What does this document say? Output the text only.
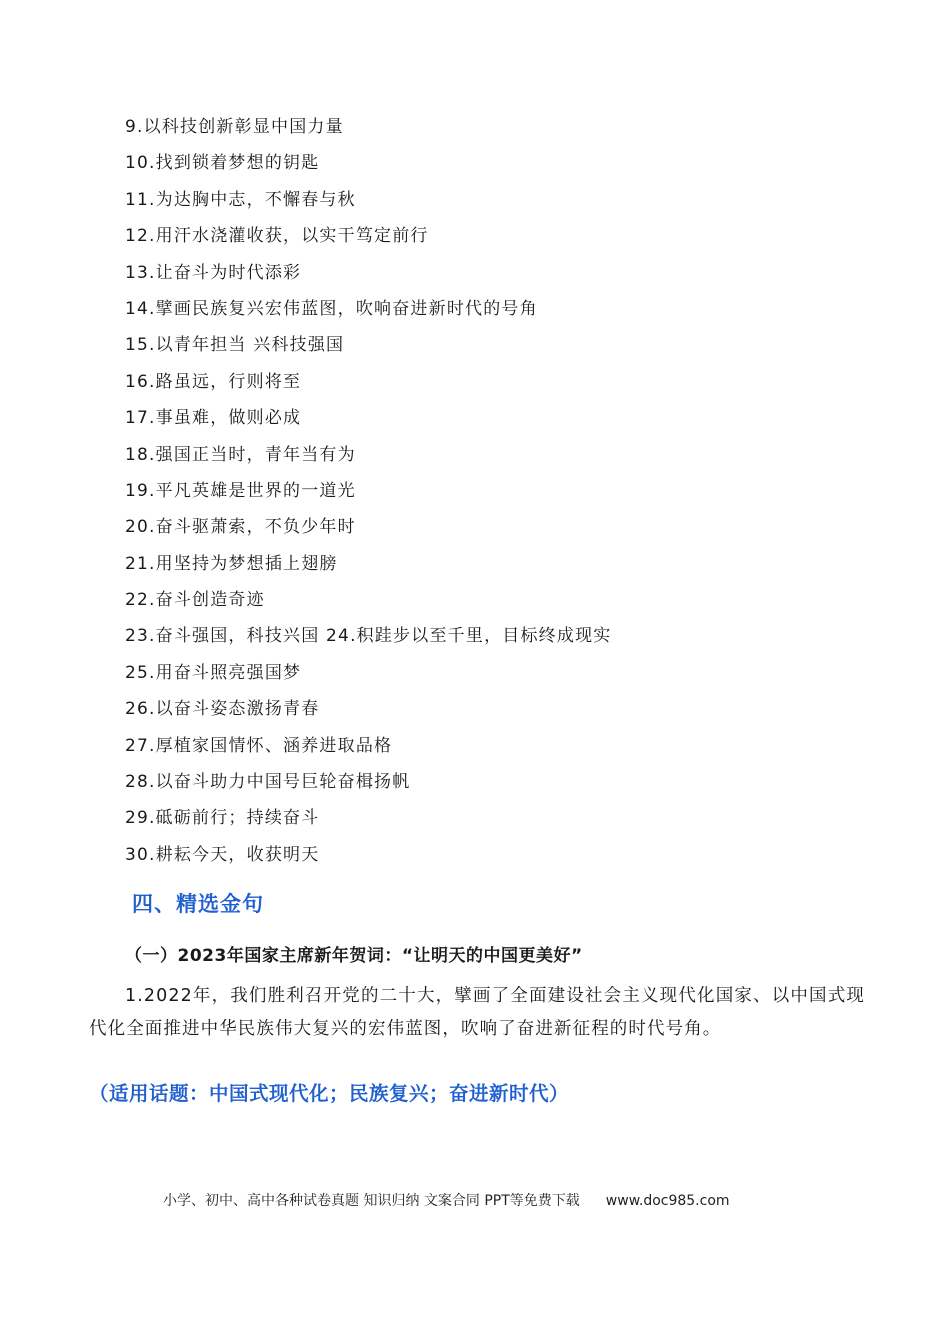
9.以科技创新彰显中国力量
10.找到锁着梦想的钥匙
11.为达胸中志，不懈春与秋
12.用汗水浇灌收获，以实干笃定前行
13.让奋斗为时代添彩
14.擘画民族复兴宏伟蓝图，吹响奋进新时代的号角
15.以青年担当 兴科技强国
16.路虽远，行则将至
17.事虽难，做则必成
18.强国正当时，青年当有为
19.平凡英雄是世界的一道光
20.奋斗驱萧索，不负少年时
21.用坚持为梦想插上翅膀
22.奋斗创造奇迹
23.奋斗强国，科技兴国 24.积跬步以至千里，目标终成现实
25.用奋斗照亮强国梦
26.以奋斗姿态激扬青春
27.厚植家国情怀、涵养进取品格
28.以奋斗助力中国号巨轮奋楫扬帆
29.砥砺前行；持续奋斗
30.耕耘今天，收获明天
四、精选金句
（一）2023年国家主席新年贺词：“让明天的中国更美好”

1.2022年，我们胜利召开党的二十大，擘画了全面建设社会主义现代化国家、以中国式现代化全面推进中华民族伟大复兴的宏伟蓝图，吹响了奋进新征程的时代号角。

（适用话题：中国式现代化；民族复兴；奋进新时代）
小学、初中、高中各种试卷真题 知识归纳 文案合同 PPT等免费下载 www.doc985.com
